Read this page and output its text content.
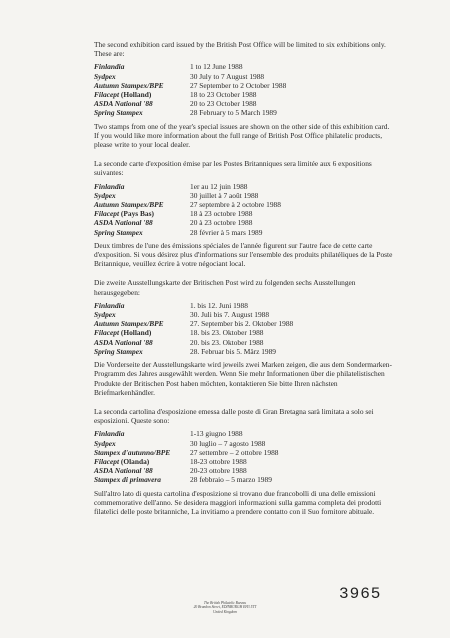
The second exhibition card issued by the British Post Office will be limited to six exhibitions only. These are:

Finlandia	1 to 12 June 1988
Sydpex	30 July to 7 August 1988
Autumn Stampex/BPE	27 September to 2 October 1988
Filacept (Holland)	18 to 23 October 1988
ASDA National '88	20 to 23 October 1988
Spring Stampex	28 February to 5 March 1989

Two stamps from one of the year's special issues are shown on the other side of this exhibition card. If you would like more information about the full range of British Post Office philatelic products, please write to your local dealer.

La seconde carte d'exposition émise par les Postes Britanniques sera limitée aux 6 expositions suivantes:

Finlandia	1er au 12 juin 1988
Sydpex	30 juillet à 7 août 1988
Autumn Stampex/BPE	27 septembre à 2 octobre 1988
Filacept (Pays Bas)	18 à 23 octobre 1988
ASDA National '88	20 à 23 octobre 1988
Spring Stampex	28 février à 5 mars 1989

Deux timbres de l'une des émissions spéciales de l'année figurent sur l'autre face de cette carte d'exposition. Si vous désirez plus d'informations sur l'ensemble des produits philatéliques de la Poste Britannique, veuillez écrire à votre négociant local.

Die zweite Ausstellungskarte der Britischen Post wird zu folgenden sechs Ausstellungen herausgegeben:

Finlandia	1. bis 12. Juni 1988
Sydpex	30. Juli bis 7. August 1988
Autumn Stampex/BPE	27. September bis 2. Oktober 1988
Filacept (Holland)	18. bis 23. Oktober 1988
ASDA National '88	20. bis 23. Oktober 1988
Spring Stampex	28. Februar bis 5. März 1989

Die Vorderseite der Ausstellungskarte wird jeweils zwei Marken zeigen, die aus dem Sondermarken-Programm des Jahres ausgewählt werden. Wenn Sie mehr Informationen über die philatelistischen Produkte der Britischen Post haben möchten, kontaktieren Sie bitte Ihren nächsten Briefmarkenhändler.

La seconda cartolina d'esposizione emessa dalle poste di Gran Bretagna sarà limitata a solo sei esposizioni. Queste sono:

Finlandia	1-13 giugno 1988
Sydpex	30 luglio – 7 agosto 1988
Stampex d'autunno/BPE	27 settembre – 2 ottobre 1988
Filacept (Olanda)	18-23 ottobre 1988
ASDA National '88	20-23 ottobre 1988
Stampex di primavera	28 febbraio – 5 marzo 1989

Sull'altro lato di questa cartolina d'esposizione si trovano due francobolli di una delle emissioni commemorative dell'anno. Se desidera maggiori informazioni sulla gamma completa dei prodotti filatelici delle poste britanniche, La invitiamo a prendere contatto con il Suo fornitore abituale.

3965
The British Philatelic Bureau
20 Brandon Street, EDINBURGH EH3 5TT
United Kingdom
